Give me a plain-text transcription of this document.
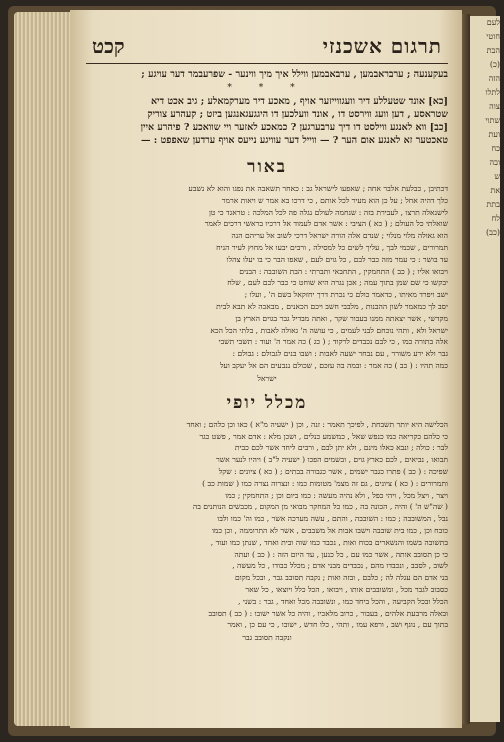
תרגום אשכנזי
קכט

בעקענעה ; ערבראבמען , ערבאבמען ווילל איך מיך ווינער - שפרעבמר דער עויגע ;

* * *

[כא] אונד שטעללע דיר וועגווייזער אויף , מאכע דיר מערקמאלע ; גיב אכט דיא

שטראסע , דען וועג ווירסט דו , אונד וועלכען דו היגגעגאנגען ביזט ; קעהרע צוריק

[כב] ווא לאנגע ווילסט דו דיך ערבערגען ? כמאכע לאזער ויי שוואכע ? פיהרע איין

טאכטער זא לאנגע אום הער ? — ווייל דער עוויגע נייעס אויף ערדען שאפפט : —

באור

דכתיבן , כבלעת אלבר אחה ; שאפעו לישראל גב : כאחר תשאבה את נפגו והוא לא נשבע

כלך דהיה אחל ; על כן הוא מעיר לכל אותם , כי דרכו בא אמר ש ויאות ארמר

לישנאלה תרצו , לעבירת בזה : שנחמה לעולם נגלה פה לכל המלכה : טראגד כי טן

שואלתי כל העולם ; ( כא ) הציבי : אשר אדם לעמוד אל דרכיו בראשי דרכים לאמר

הוא גאולה מלוי מנלוי ; שנדם אלה הורה ישראל דרכי לשוב אל עריהם הנה

תמרורים , שכמי לבך , עליך לשים כל למסילה , ורבים יבעו אל מחוץ לעיר הניח

עד בושר : כי עמר מזה כבר לבם , כל גוים לעם , שאפו הבר כי בו יעלו צהלו

ויבואו אליו ; ( כב ) התחמקין , התחבאי ותברתי : הבת השובבה : הבנים

יבקשו כי שם שמן בתוך עמה ; אכן נגרה היא שוחט כי כבר לכם לעם , שלח

ישב ויפרד מאיתו , כדאמר כולם כי נכרת דרך יחזקאל בשם ה' , ועלו ;

יסב לך כמאמר לשון ההבנות , מלבבי חשב ויכם הכאנים , מבאכה לא תבא לבית

מקדשי , אשר יצאתה ממנו בעבור שקר , ואתה מבדיל גבר בגוים הארץ בן

ישראל ולא , ותהי נוכחם לבני לעמים , כי עושה ה' גאולה לאבות , בלתי הכל הכא

אלה בתורה כמו , כי לבם נכבדים לרקוד ; ( כג ) כה אמר ה' ועוד : תשבי תשבי

גבר ולא ירע משורר , עם נבחר ישעה לאבות : ושבו בנים לגבולם : גבולם :

כמה תהיו : ( כב ) כה אמר : ובמה בה עזכם , שכולם ננבעים הם אל יעקב ועל

ישראל

מכלל יופי

הכלישה היא יותר תשבחת , לפיכך תאמר : זנה , וכן ( ישעיה מ"א ) כאו וכן כלהם ; ואחד

כי כלהם כקריאה כמו כנפש שאל , כמשמע כנלים , ושכן מלא : אדם אמר , פשט כגר

לבר : כולה ; ונבא כאלו מינם , ולא יתן לבם , ורבים ליחד אשר לכם כבית

תבואו , נביאים , לכם כארץ גוים , ובשמים הפכו ( ישעיה ל"ב ) ויהיו לנער אשר

שפיכה : ( כב ) פתרו כגבר ישמים , אשר כגבורה בבתים ; ( כא ) ציונים : שקל

ותמרורים : ( כא ) ציונים , גם זה מצמ' מטומות כמו : ונצרוה נצרה כמו ( שמות כב )

ויצר , ויצל מכל , ויהי כפל , ולא נהיה מעשה : כמו ביום וכן ; התחמקין ; כמו

( שה"ש ה' ) והיה , הכונה בה , כמו כל המחקר מבואי מן המקום , מכבשים הנותנים בה

נבל , המשובבה ; כמו : השובבה , והתם , עשה מערכה אשר , כמו וה' כמו ולבו

כובח וכן , כמו בית שובבה וישבו אבות אל משבבים , אשר לא התרוממה , וכן כמו

בתשובה בשמו והנשארים בכוח ואות , נכבד כמו שוה ובית ואחד , שנתן כמו ועוד ,

כי כן תסובב אותה , אשר כמו עם , כל כנען , עד היום הזה : ( כב ) ועתה

לשוב , לסבב , ונכבדו מהם , נכבדים מבני אדם ; מכלל כבודו , כל מעשה ,

בני אדם הם עגלה לה ; כלבם , ובזה ואות ; נקבה תסובב גבר , ובכל מקום

כסבוב לגבר מכל , ומשובבים אותו , ויבואו , הכל כלל ויוצאו , כל שאר

הכלל ובכל הקביעה , והכל ביחד כמו , ונשובבה מכל ואחד , גבר : בשני ,

ובאלה מרבעת אלהים , בעבור , כרוב מלאכיו , והיה כל אשר ישובו : ( כב ) תסובב

בתוך עם , נוגף ושב , ורפא עמו , ותהי , כלו חדש , ישובו , כי עם כן , ואמר

ונקבה תסובב גבר

לעם
חוטי
הבת
(כ)
הזה
לתלו
צוה
שתוי
ועת
כח
ובה
ש
את
בתת
לח
(כב)
